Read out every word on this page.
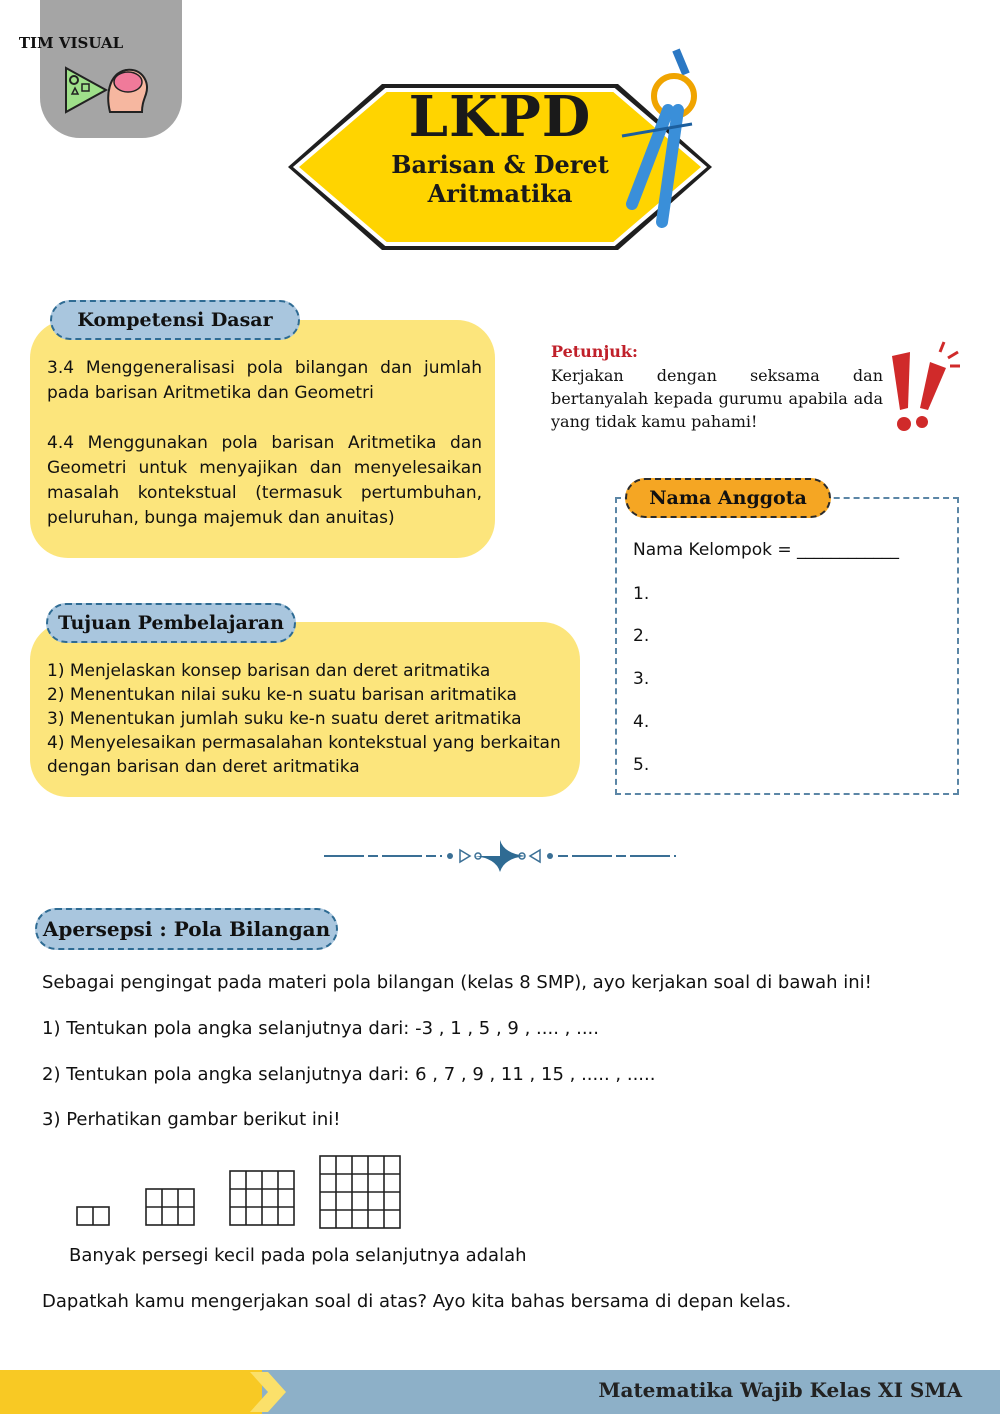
TIM VISUAL
LKPD
Barisan & Deret
Aritmatika
Kompetensi Dasar
3.4 Menggeneralisasi pola bilangan dan jumlah pada barisan Aritmetika dan Geometri
4.4 Menggunakan pola barisan Aritmetika dan Geometri untuk menyajikan dan menyelesaikan masalah kontekstual (termasuk pertumbuhan, peluruhan, bunga majemuk dan anuitas)
Petunjuk:
Kerjakan dengan seksama dan bertanyalah kepada gurumu apabila ada yang tidak kamu pahami!
Nama Anggota
Nama Kelompok = ____________
1.
2.
3.
4.
5.
Tujuan Pembelajaran
1) Menjelaskan konsep barisan dan deret aritmatika
2) Menentukan nilai suku ke-n suatu barisan aritmatika
3) Menentukan jumlah suku ke-n suatu deret aritmatika
4) Menyelesaikan permasalahan kontekstual yang berkaitan
dengan barisan dan deret aritmatika
Apersepsi : Pola Bilangan
Sebagai pengingat pada materi pola bilangan (kelas 8 SMP), ayo kerjakan soal di bawah ini!
1) Tentukan pola angka selanjutnya dari: -3 , 1 , 5 , 9 , .... , ....
2) Tentukan pola angka selanjutnya dari: 6 , 7 , 9 , 11 , 15 , ..... , .....
3) Perhatikan gambar berikut ini!
Banyak persegi kecil pada pola selanjutnya adalah
Dapatkah kamu mengerjakan soal di atas? Ayo kita bahas bersama di depan kelas.
Matematika Wajib Kelas XI SMA
